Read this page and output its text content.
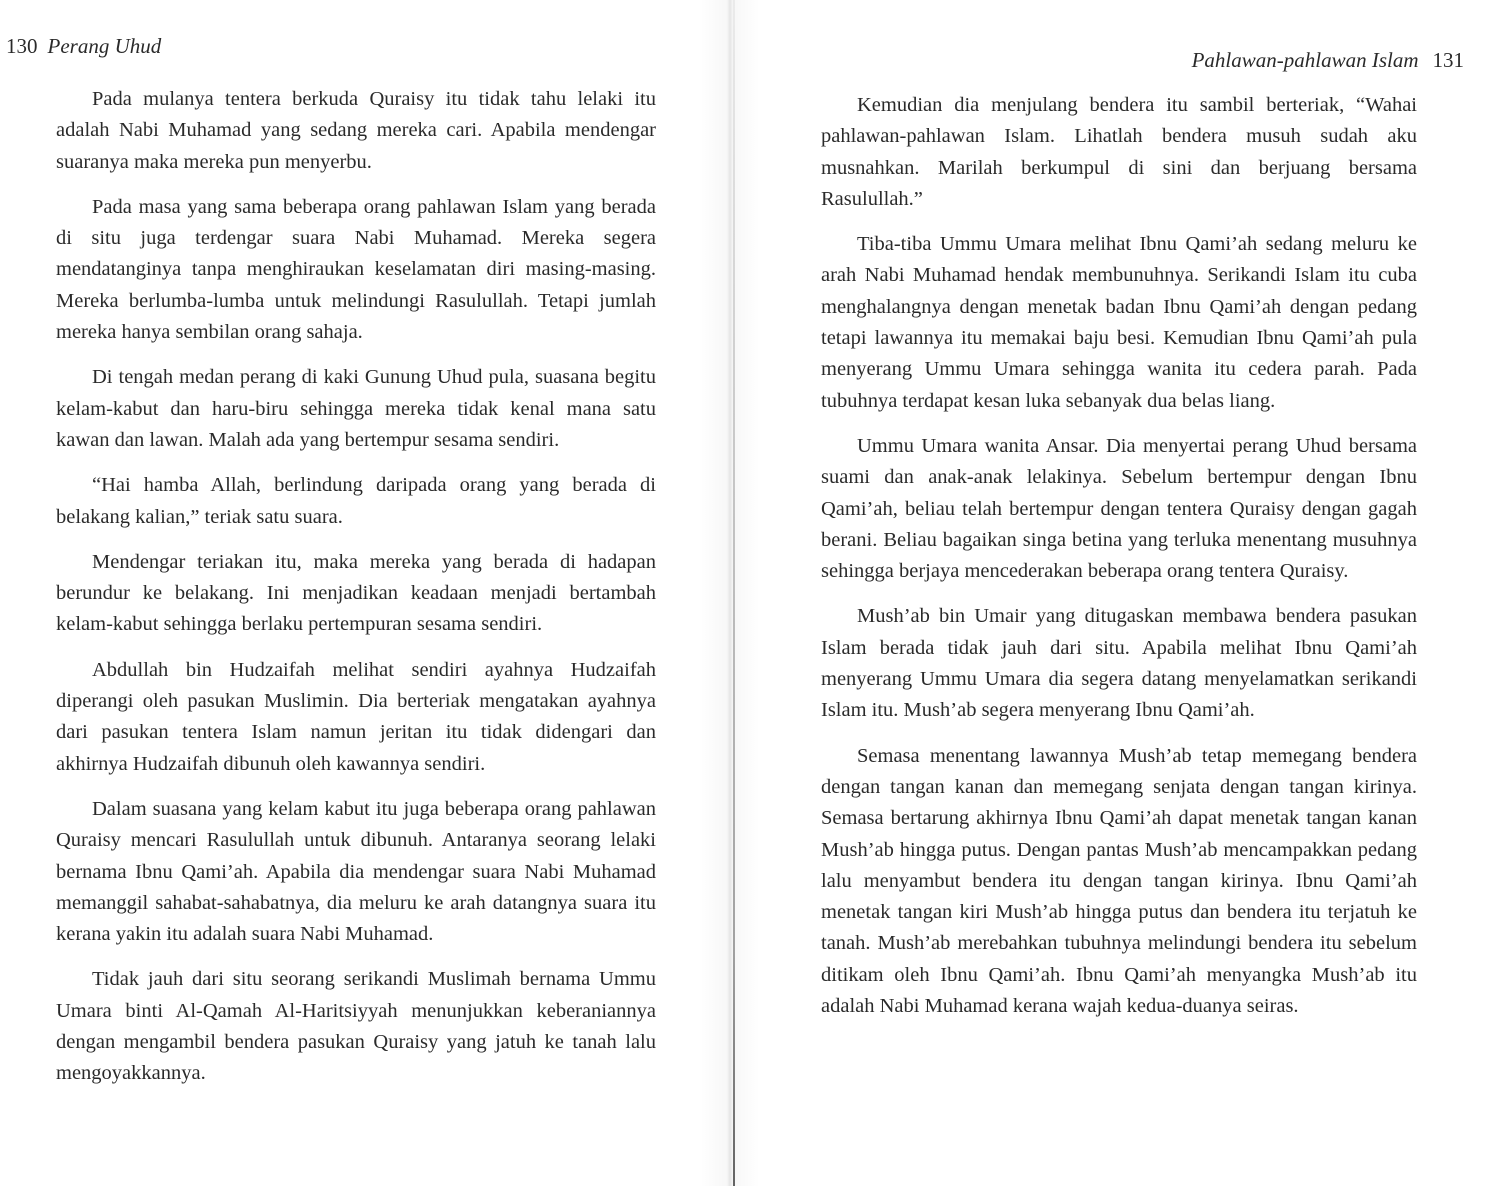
130 Perang Uhud

Pada mulanya tentera berkuda Quraisy itu tidak tahu lelaki itu adalah Nabi Muhamad yang sedang mereka cari. Apabila mendengar suaranya maka mereka pun menyerbu.

Pada masa yang sama beberapa orang pahlawan Islam yang berada di situ juga terdengar suara Nabi Muhamad. Mereka segera mendatanginya tanpa menghiraukan keselamatan diri masing-masing. Mereka berlumba-lumba untuk melindungi Rasulullah. Tetapi jumlah mereka hanya sembilan orang sahaja.

Di tengah medan perang di kaki Gunung Uhud pula, suasana begitu kelam-kabut dan haru-biru sehingga mereka tidak kenal mana satu kawan dan lawan. Malah ada yang bertempur sesama sendiri.

“Hai hamba Allah, berlindung daripada orang yang berada di belakang kalian,” teriak satu suara.

Mendengar teriakan itu, maka mereka yang berada di hadapan berundur ke belakang. Ini menjadikan keadaan menjadi bertambah kelam-kabut sehingga berlaku pertempuran sesama sendiri.

Abdullah bin Hudzaifah melihat sendiri ayahnya Hudzaifah diperangi oleh pasukan Muslimin. Dia berteriak mengatakan ayahnya dari pasukan tentera Islam namun jeritan itu tidak didengari dan akhirnya Hudzaifah dibunuh oleh kawannya sendiri.

Dalam suasana yang kelam kabut itu juga beberapa orang pahlawan Quraisy mencari Rasulullah untuk dibunuh. Antaranya seorang lelaki bernama Ibnu Qami’ah. Apabila dia mendengar suara Nabi Muhamad memanggil sahabat-sahabatnya, dia meluru ke arah datangnya suara itu kerana yakin itu adalah suara Nabi Muhamad.

Tidak jauh dari situ seorang serikandi Muslimah bernama Ummu Umara binti Al-Qamah Al-Haritsiyyah menunjukkan keberaniannya dengan mengambil bendera pasukan Quraisy yang jatuh ke tanah lalu mengoyakkannya.

Pahlawan-pahlawan Islam 131

Kemudian dia menjulang bendera itu sambil berteriak, “Wahai pahlawan-pahlawan Islam. Lihatlah bendera musuh sudah aku musnahkan. Marilah berkumpul di sini dan berjuang bersama Rasulullah.”

Tiba-tiba Ummu Umara melihat Ibnu Qami’ah sedang meluru ke arah Nabi Muhamad hendak membunuhnya. Serikandi Islam itu cuba menghalangnya dengan menetak badan Ibnu Qami’ah dengan pedang tetapi lawannya itu memakai baju besi. Kemudian Ibnu Qami’ah pula menyerang Ummu Umara sehingga wanita itu cedera parah. Pada tubuhnya terdapat kesan luka sebanyak dua belas liang.

Ummu Umara wanita Ansar. Dia menyertai perang Uhud bersama suami dan anak-anak lelakinya. Sebelum bertempur dengan Ibnu Qami’ah, beliau telah bertempur dengan tentera Quraisy dengan gagah berani. Beliau bagaikan singa betina yang terluka menentang musuhnya sehingga berjaya mencederakan beberapa orang tentera Quraisy.

Mush’ab bin Umair yang ditugaskan membawa bendera pasukan Islam berada tidak jauh dari situ. Apabila melihat Ibnu Qami’ah menyerang Ummu Umara dia segera datang menyelamatkan serikandi Islam itu. Mush’ab segera menyerang Ibnu Qami’ah.

Semasa menentang lawannya Mush’ab tetap memegang bendera dengan tangan kanan dan memegang senjata dengan tangan kirinya. Semasa bertarung akhirnya Ibnu Qami’ah dapat menetak tangan kanan Mush’ab hingga putus. Dengan pantas Mush’ab mencampakkan pedang lalu menyambut bendera itu dengan tangan kirinya. Ibnu Qami’ah menetak tangan kiri Mush’ab hingga putus dan bendera itu terjatuh ke tanah. Mush’ab merebahkan tubuhnya melindungi bendera itu sebelum ditikam oleh Ibnu Qami’ah. Ibnu Qami’ah menyangka Mush’ab itu adalah Nabi Muhamad kerana wajah kedua-duanya seiras.
